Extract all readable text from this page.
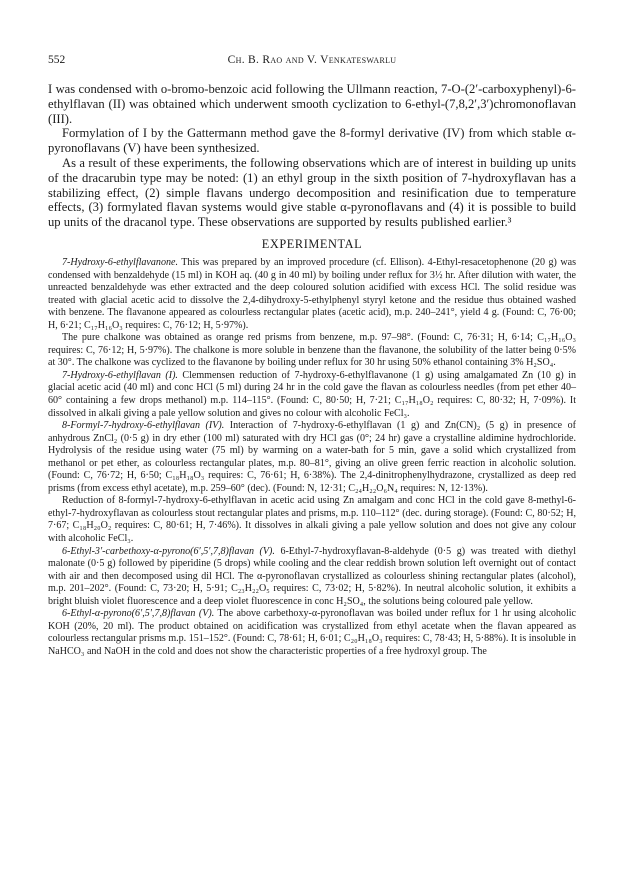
552	Ch. B. Rao and V. Venkateswarlu

I was condensed with o-bromo-benzoic acid following the Ullmann reaction, 7-O-(2′-carboxyphenyl)-6-ethylflavan (II) was obtained which underwent smooth cyclization to 6-ethyl-(7,8,2′,3′)chromonoflavan (III).

Formylation of I by the Gattermann method gave the 8-formyl derivative (IV) from which stable α-pyronoflavans (V) have been synthesized.

As a result of these experiments, the following observations which are of interest in building up units of the dracarubin type may be noted: (1) an ethyl group in the sixth position of 7-hydroxyflavan has a stabilizing effect, (2) simple flavans undergo decomposition and resinification due to temperature effects, (3) formylated flavan systems would give stable α-pyronoflavans and (4) it is possible to build up units of the dracanol type. These observations are supported by results published earlier.³

EXPERIMENTAL

7-Hydroxy-6-ethylflavanone. This was prepared by an improved procedure (cf. Ellison). 4-Ethyl-resacetophenone (20 g) was condensed with benzaldehyde (15 ml) in KOH aq. (40 g in 40 ml) by boiling under reflux for 3½ hr. After dilution with water, the unreacted benzaldehyde was ether extracted and the deep coloured solution acidified with excess HCl. The solid residue was treated with glacial acetic acid to dissolve the 2,4-dihydroxy-5-ethylphenyl styryl ketone and the residue thus obtained washed with benzene. The flavanone appeared as colourless rectangular plates (acetic acid), m.p. 240–241°, yield 4 g. (Found: C, 76·00; H, 6·21; C₁₇H₁₆O₃ requires: C, 76·12; H, 5·97%).

The pure chalkone was obtained as orange red prisms from benzene, m.p. 97–98°. (Found: C, 76·31; H, 6·14; C₁₇H₁₆O₃ requires: C, 76·12; H, 5·97%). The chalkone is more soluble in benzene than the flavanone, the solubility of the latter being 0·5% at 30°. The chalkone was cyclized to the flavanone by boiling under reflux for 30 hr using 50% ethanol containing 3% H₂SO₄.

7-Hydroxy-6-ethylflavan (I). Clemmensen reduction of 7-hydroxy-6-ethylflavanone (1 g) using amalgamated Zn (10 g) in glacial acetic acid (40 ml) and conc HCl (5 ml) during 24 hr in the cold gave the flavan as colourless needles (from pet ether 40–60° containing a few drops methanol) m.p. 114–115°. (Found: C, 80·50; H, 7·21; C₁₇H₁₈O₂ requires: C, 80·32; H, 7·09%). It dissolved in alkali giving a pale yellow solution and gives no colour with alcoholic FeCl₃.

8-Formyl-7-hydroxy-6-ethylflavan (IV). Interaction of 7-hydroxy-6-ethylflavan (1 g) and Zn(CN)₂ (5 g) in presence of anhydrous ZnCl₂ (0·5 g) in dry ether (100 ml) saturated with dry HCl gas (0°; 24 hr) gave a crystalline aldimine hydrochloride. Hydrolysis of the residue using water (75 ml) by warming on a water-bath for 5 min, gave a solid which crystallized from methanol or pet ether, as colourless rectangular plates, m.p. 80–81°, giving an olive green ferric reaction in alcoholic solution. (Found: C, 76·72; H, 6·50; C₁₈H₁₈O₃ requires: C, 76·61; H, 6·38%). The 2,4-dinitrophenylhydrazone, crystallized as deep red prisms (from excess ethyl acetate), m.p. 259–60° (dec). (Found: N, 12·31; C₂₄H₂₂O₆N₄ requires: N, 12·13%).

Reduction of 8-formyl-7-hydroxy-6-ethylflavan in acetic acid using Zn amalgam and conc HCl in the cold gave 8-methyl-6-ethyl-7-hydroxyflavan as colourless stout rectangular plates and prisms, m.p. 110–112° (dec. during storage). (Found: C, 80·52; H, 7·67; C₁₈H₂₀O₂ requires: C, 80·61; H, 7·46%). It dissolves in alkali giving a pale yellow solution and does not give any colour with alcoholic FeCl₃.

6-Ethyl-3′-carbethoxy-α-pyrono(6′,5′,7,8)flavan (V). 6-Ethyl-7-hydroxyflavan-8-aldehyde (0·5 g) was treated with diethyl malonate (0·5 g) followed by piperidine (5 drops) while cooling and the clear reddish brown solution left overnight out of contact with air and then decomposed using dil HCl. The α-pyronoflavan crystallized as colourless shining rectangular plates (alcohol), m.p. 201–202°. (Found: C, 73·20; H, 5·91; C₂₃H₂₂O₅ requires: C, 73·02; H, 5·82%). In neutral alcoholic solution, it exhibits a bright bluish violet fluorescence and a deep violet fluorescence in conc H₂SO₄, the solutions being coloured pale yellow.

6-Ethyl-α-pyrono(6′,5′,7,8)flavan (V). The above carbethoxy-α-pyronoflavan was boiled under reflux for 1 hr using alcoholic KOH (20%, 20 ml). The product obtained on acidification was crystallized from ethyl acetate when the flavan appeared as colourless rectangular prisms m.p. 151–152°. (Found: C, 78·61; H, 6·01; C₂₀H₁₈O₃ requires: C, 78·43; H, 5·88%). It is insoluble in NaHCO₃ and NaOH in the cold and does not show the characteristic properties of a free hydroxyl group. The
